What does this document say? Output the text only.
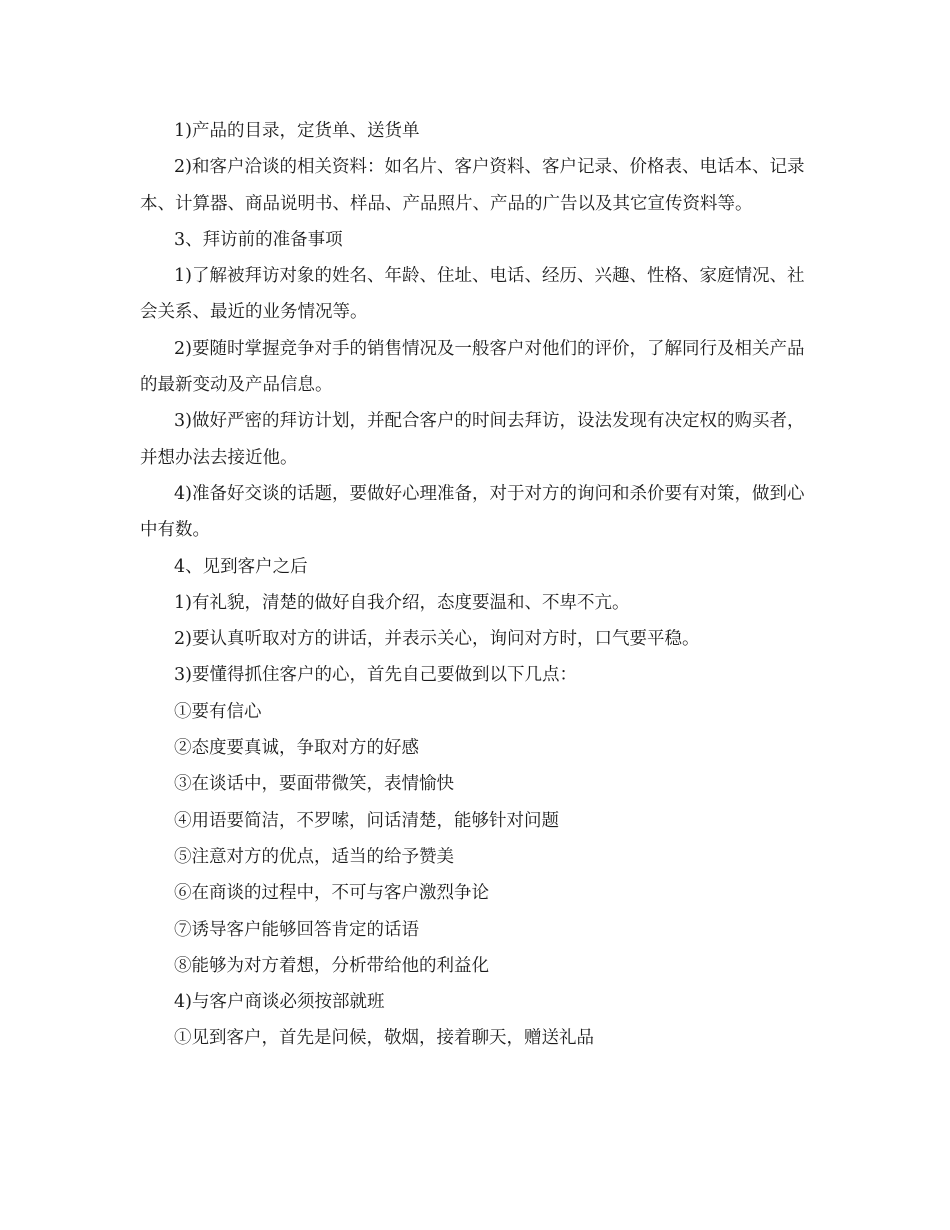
1)产品的目录，定货单、送货单

2)和客户洽谈的相关资料：如名片、客户资料、客户记录、价格表、电话本、记录本、计算器、商品说明书、样品、产品照片、产品的广告以及其它宣传资料等。

3、拜访前的准备事项

1)了解被拜访对象的姓名、年龄、住址、电话、经历、兴趣、性格、家庭情况、社会关系、最近的业务情况等。

2)要随时掌握竞争对手的销售情况及一般客户对他们的评价，了解同行及相关产品的最新变动及产品信息。

3)做好严密的拜访计划，并配合客户的时间去拜访，设法发现有决定权的购买者，并想办法去接近他。

4)准备好交谈的话题，要做好心理准备，对于对方的询问和杀价要有对策，做到心中有数。

4、见到客户之后

1)有礼貌，清楚的做好自我介绍，态度要温和、不卑不亢。

2)要认真听取对方的讲话，并表示关心，询问对方时，口气要平稳。

3)要懂得抓住客户的心，首先自己要做到以下几点：

①要有信心

②态度要真诚，争取对方的好感

③在谈话中，要面带微笑，表情愉快

④用语要简洁，不罗嗦，问话清楚，能够针对问题

⑤注意对方的优点，适当的给予赞美

⑥在商谈的过程中，不可与客户激烈争论

⑦诱导客户能够回答肯定的话语

⑧能够为对方着想，分析带给他的利益化

4)与客户商谈必须按部就班

①见到客户，首先是问候，敬烟，接着聊天，赠送礼品
